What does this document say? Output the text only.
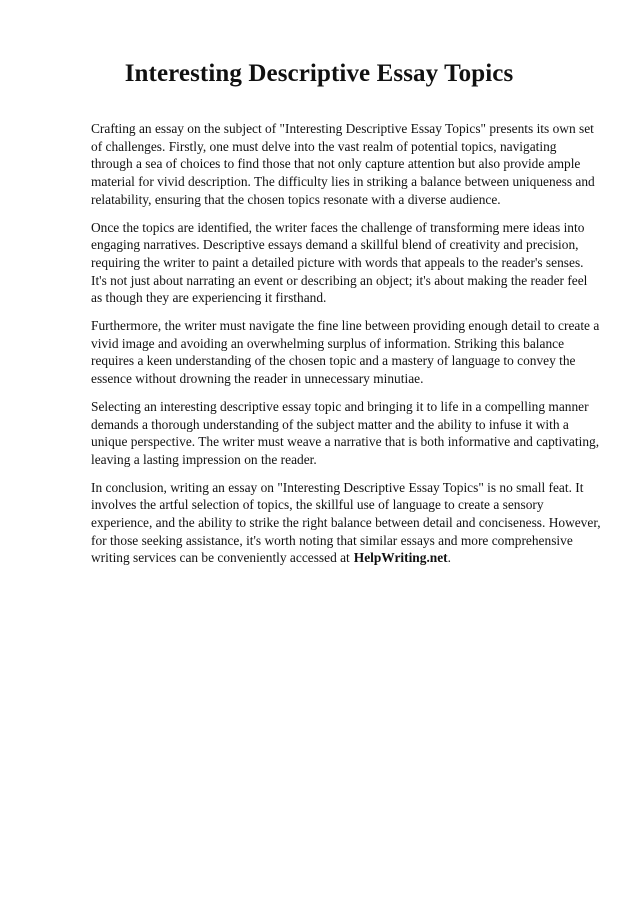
Interesting Descriptive Essay Topics

Crafting an essay on the subject of "Interesting Descriptive Essay Topics" presents its own set of challenges. Firstly, one must delve into the vast realm of potential topics, navigating through a sea of choices to find those that not only capture attention but also provide ample material for vivid description. The difficulty lies in striking a balance between uniqueness and relatability, ensuring that the chosen topics resonate with a diverse audience.

Once the topics are identified, the writer faces the challenge of transforming mere ideas into engaging narratives. Descriptive essays demand a skillful blend of creativity and precision, requiring the writer to paint a detailed picture with words that appeals to the reader's senses. It's not just about narrating an event or describing an object; it's about making the reader feel as though they are experiencing it firsthand.

Furthermore, the writer must navigate the fine line between providing enough detail to create a vivid image and avoiding an overwhelming surplus of information. Striking this balance requires a keen understanding of the chosen topic and a mastery of language to convey the essence without drowning the reader in unnecessary minutiae.

Selecting an interesting descriptive essay topic and bringing it to life in a compelling manner demands a thorough understanding of the subject matter and the ability to infuse it with a unique perspective. The writer must weave a narrative that is both informative and captivating, leaving a lasting impression on the reader.

In conclusion, writing an essay on "Interesting Descriptive Essay Topics" is no small feat. It involves the artful selection of topics, the skillful use of language to create a sensory experience, and the ability to strike the right balance between detail and conciseness. However, for those seeking assistance, it's worth noting that similar essays and more comprehensive writing services can be conveniently accessed at HelpWriting.net.
